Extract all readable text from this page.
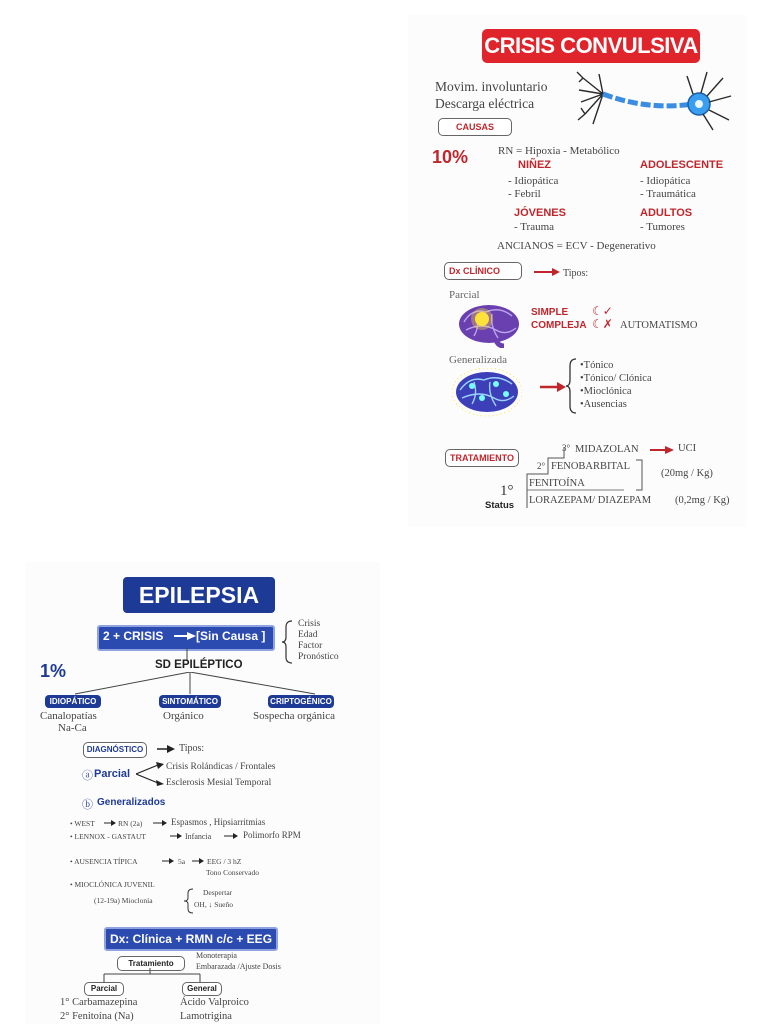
CRISIS CONVULSIVA
Movim. involuntario
Descarga eléctrica
CAUSAS
10%	RN = Hipoxia - Metabólico
NIÑEZ
- Idiopática
- Febril
ADOLESCENTE
- Idiopática
- Traumática
JÓVENES
- Trauma
ADULTOS
- Tumores
ANCIANOS = ECV - Degenerativo
Dx CLÍNICO	Tipos:
Parcial
SIMPLE ☾✓
COMPLEJA ☾✗ AUTOMATISMO
Generalizada	•Tónico
•Tónico/ Clónica
•Mioclónica
•Ausencias
TRATAMIENTO
3° MIDAZOLAN	UCI
2° FENOBARBITAL
(20mg / Kg)
FENITOÍNA
1°
Status LORAZEPAM/ DIAZEPAM (0,2mg / Kg)
EPILEPSIA
2 + CRISIS	[Sin Causa ]
Crisis
Edad
Factor
Pronóstico
1%	SD EPILÉPTICO
IDIOPÁTICO
Canalopatías
Na-Ca
SINTOMÁTICO
Orgánico
CRIPTOGÉNICO
Sospecha orgánica
DIAGNÓSTICO	Tipos:
ⓐ Parcial
Crisis Rolándicas / Frontales
Esclerosis Mesial Temporal
ⓑ Generalizados
• WEST	RN (2a)	Espasmos , Hipsiarritmias
• LENNOX - GASTAUT	Infancia	Polimorfo RPM
• AUSENCIA TÍPICA	5a	EEG / 3 hZ
Tono Conservado
• MIOCLÓNICA JUVENIL
(12-19a) Mioclonía
Despertar
OH, ↓ Sueño
Dx: Clínica + RMN c/c + EEG
Tratamiento
Monoterapia
Embarazada /Ajuste Dosis
Parcial	General
1° Carbamazepina
2° Fenitoína (Na)
Ácido Valproico
Lamotrigina
